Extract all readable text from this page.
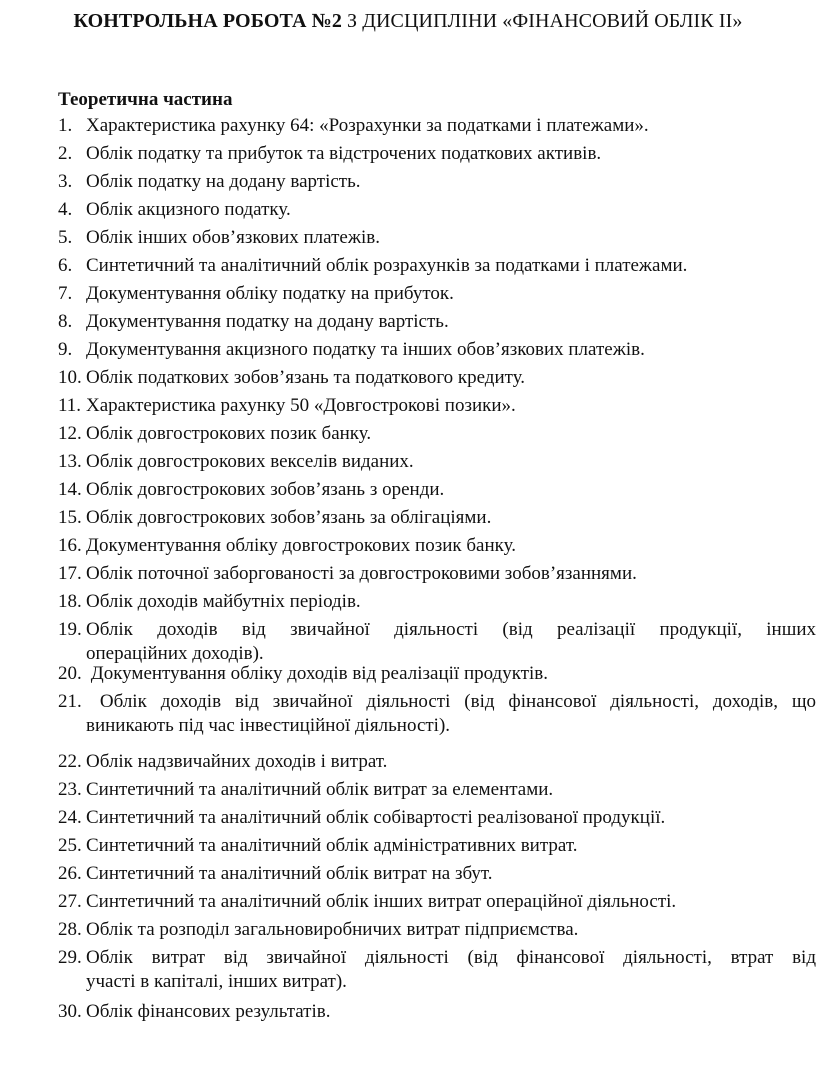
КОНТРОЛЬНА РОБОТА №2 З ДИСЦИПЛІНИ «ФІНАНСОВИЙ ОБЛІК ІІ»
Теоретична частина
1. Характеристика рахунку 64: «Розрахунки за податками і платежами».
2. Облік податку та прибуток та відстрочених податкових активів.
3. Облік податку на додану вартість.
4. Облік акцизного податку.
5. Облік інших обов’язкових платежів.
6. Синтетичний та аналітичний облік розрахунків за податками і платежами.
7. Документування обліку податку на прибуток.
8. Документування податку на додану вартість.
9. Документування акцизного податку та інших обов’язкових платежів.
10. Облік податкових зобов’язань та податкового кредиту.
11. Характеристика рахунку 50 «Довгострокові позики».
12. Облік довгострокових позик банку.
13. Облік довгострокових векселів виданих.
14. Облік довгострокових зобов’язань з оренди.
15. Облік довгострокових зобов’язань за облігаціями.
16. Документування обліку довгострокових позик банку.
17. Облік поточної заборгованості за довгостроковими зобов’язаннями.
18. Облік доходів майбутніх періодів.
19. Облік доходів від звичайної діяльності (від реалізації продукції, інших
операційних доходів).
20. Документування обліку доходів від реалізації продуктів.
21. Облік доходів від звичайної діяльності (від фінансової діяльності, доходів, що
виникають під час інвестиційної діяльності).
22. Облік надзвичайних доходів і витрат.
23. Синтетичний та аналітичний облік витрат за елементами.
24. Синтетичний та аналітичний облік собівартості реалізованої продукції.
25. Синтетичний та аналітичний облік адміністративних витрат.
26. Синтетичний та аналітичний облік витрат на збут.
27. Синтетичний та аналітичний облік інших витрат операційної діяльності.
28. Облік та розподіл загальновиробничих витрат підприємства.
29. Облік витрат від звичайної діяльності (від фінансової діяльності, втрат від
участі в капіталі, інших витрат).
30. Облік фінансових результатів.
